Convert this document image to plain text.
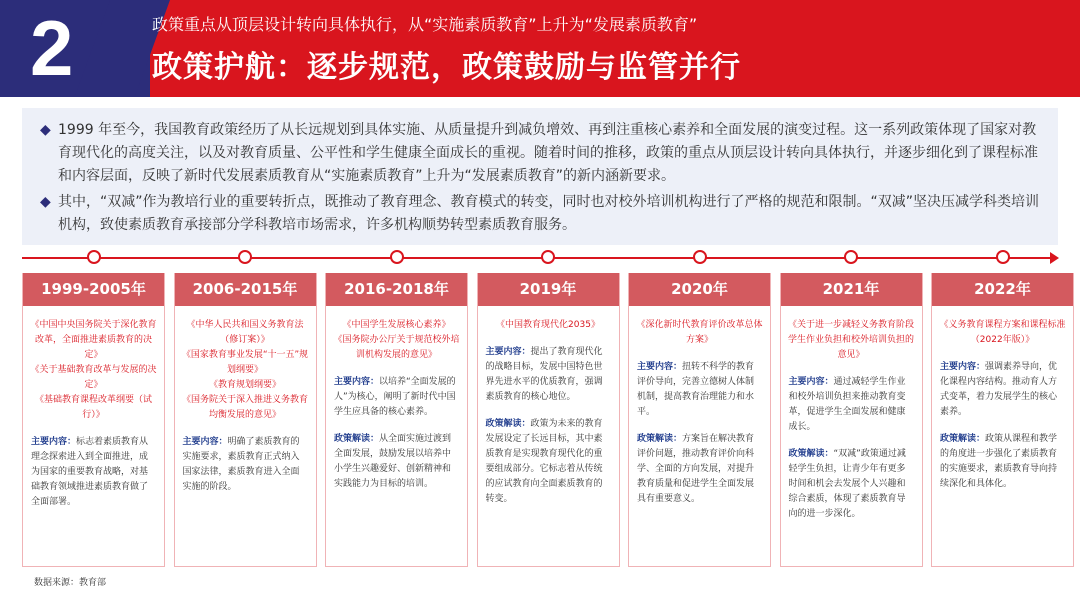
2	政策重点从顶层设计转向具体执行，从“实施素质教育”上升为“发展素质教育”
政策护航：逐步规范，政策鼓励与监管并行
◆ 1999 年至今，我国教育政策经历了从长远规划到具体实施、从质量提升到减负增效、再到注重核心素养和全面发展的演变过程。这一系列政策体现了国家对教育现代化的高度关注，以及对教育质量、公平性和学生健康全面成长的重视。随着时间的推移，政策的重点从顶层设计转向具体执行，并逐步细化到了课程标准和内容层面，反映了新时代发展素质教育从“实施素质教育”上升为“发展素质教育”的新内涵新要求。
◆ 其中，“双减”作为教培行业的重要转折点，既推动了教育理念、教育模式的转变，同时也对校外培训机构进行了严格的规范和限制。“双减”坚决压减学科类培训机构，致使素质教育承接部分学科教培市场需求，许多机构顺势转型素质教育服务。
1999-2005年
《中国中央国务院关于深化教育改革，全面推进素质教育的决定》
《关于基础教育改革与发展的决定》
《基础教育课程改革纲要（试行）》
主要内容：标志着素质教育从理念探索进入到全面推进，成为国家的重要教育战略，对基础教育领域推进素质教育做了全面部署。
2006-2015年
《中华人民共和国义务教育法（修订案）》
《国家教育事业发展“十一五”规划纲要》
《教育规划纲要》
《国务院关于深入推进义务教育均衡发展的意见》
主要内容：明确了素质教育的实施要求，素质教育正式纳入国家法律，素质教育进入全面实施的阶段。
2016-2018年
《中国学生发展核心素养》
《国务院办公厅关于规范校外培训机构发展的意见》
主要内容：以培养“全面发展的人”为核心，阐明了新时代中国学生应具备的核心素养。
政策解读：从全面实施过渡到全面发展，鼓励发展以培养中小学生兴趣爱好、创新精神和实践能力为目标的培训。
2019年
《中国教育现代化2035》
主要内容：提出了教育现代化的战略目标，发展中国特色世界先进水平的优质教育，强调素质教育的核心地位。
政策解读：政策为未来的教育发展设定了长远目标，其中素质教育是实现教育现代化的重要组成部分。它标志着从传统的应试教育向全面素质教育的转变。
2020年
《深化新时代教育评价改革总体方案》
主要内容：扭转不科学的教育评价导向，完善立德树人体制机制，提高教育治理能力和水平。
政策解读：方案旨在解决教育评价问题，推动教育评价向科学、全面的方向发展，对提升教育质量和促进学生全面发展具有重要意义。
2021年
《关于进一步减轻义务教育阶段学生作业负担和校外培训负担的意见》
主要内容：通过减轻学生作业和校外培训负担来推动教育变革，促进学生全面发展和健康成长。
政策解读：“双减”政策通过减轻学生负担，让青少年有更多时间和机会去发展个人兴趣和综合素质，体现了素质教育导向的进一步深化。
2022年
《义务教育课程方案和课程标准（2022年版）》
主要内容：强调素养导向，优化课程内容结构。推动育人方式变革，着力发展学生的核心素养。
政策解读：政策从课程和教学的角度进一步强化了素质教育的实施要求，素质教育导向持续深化和具体化。
数据来源：教育部
